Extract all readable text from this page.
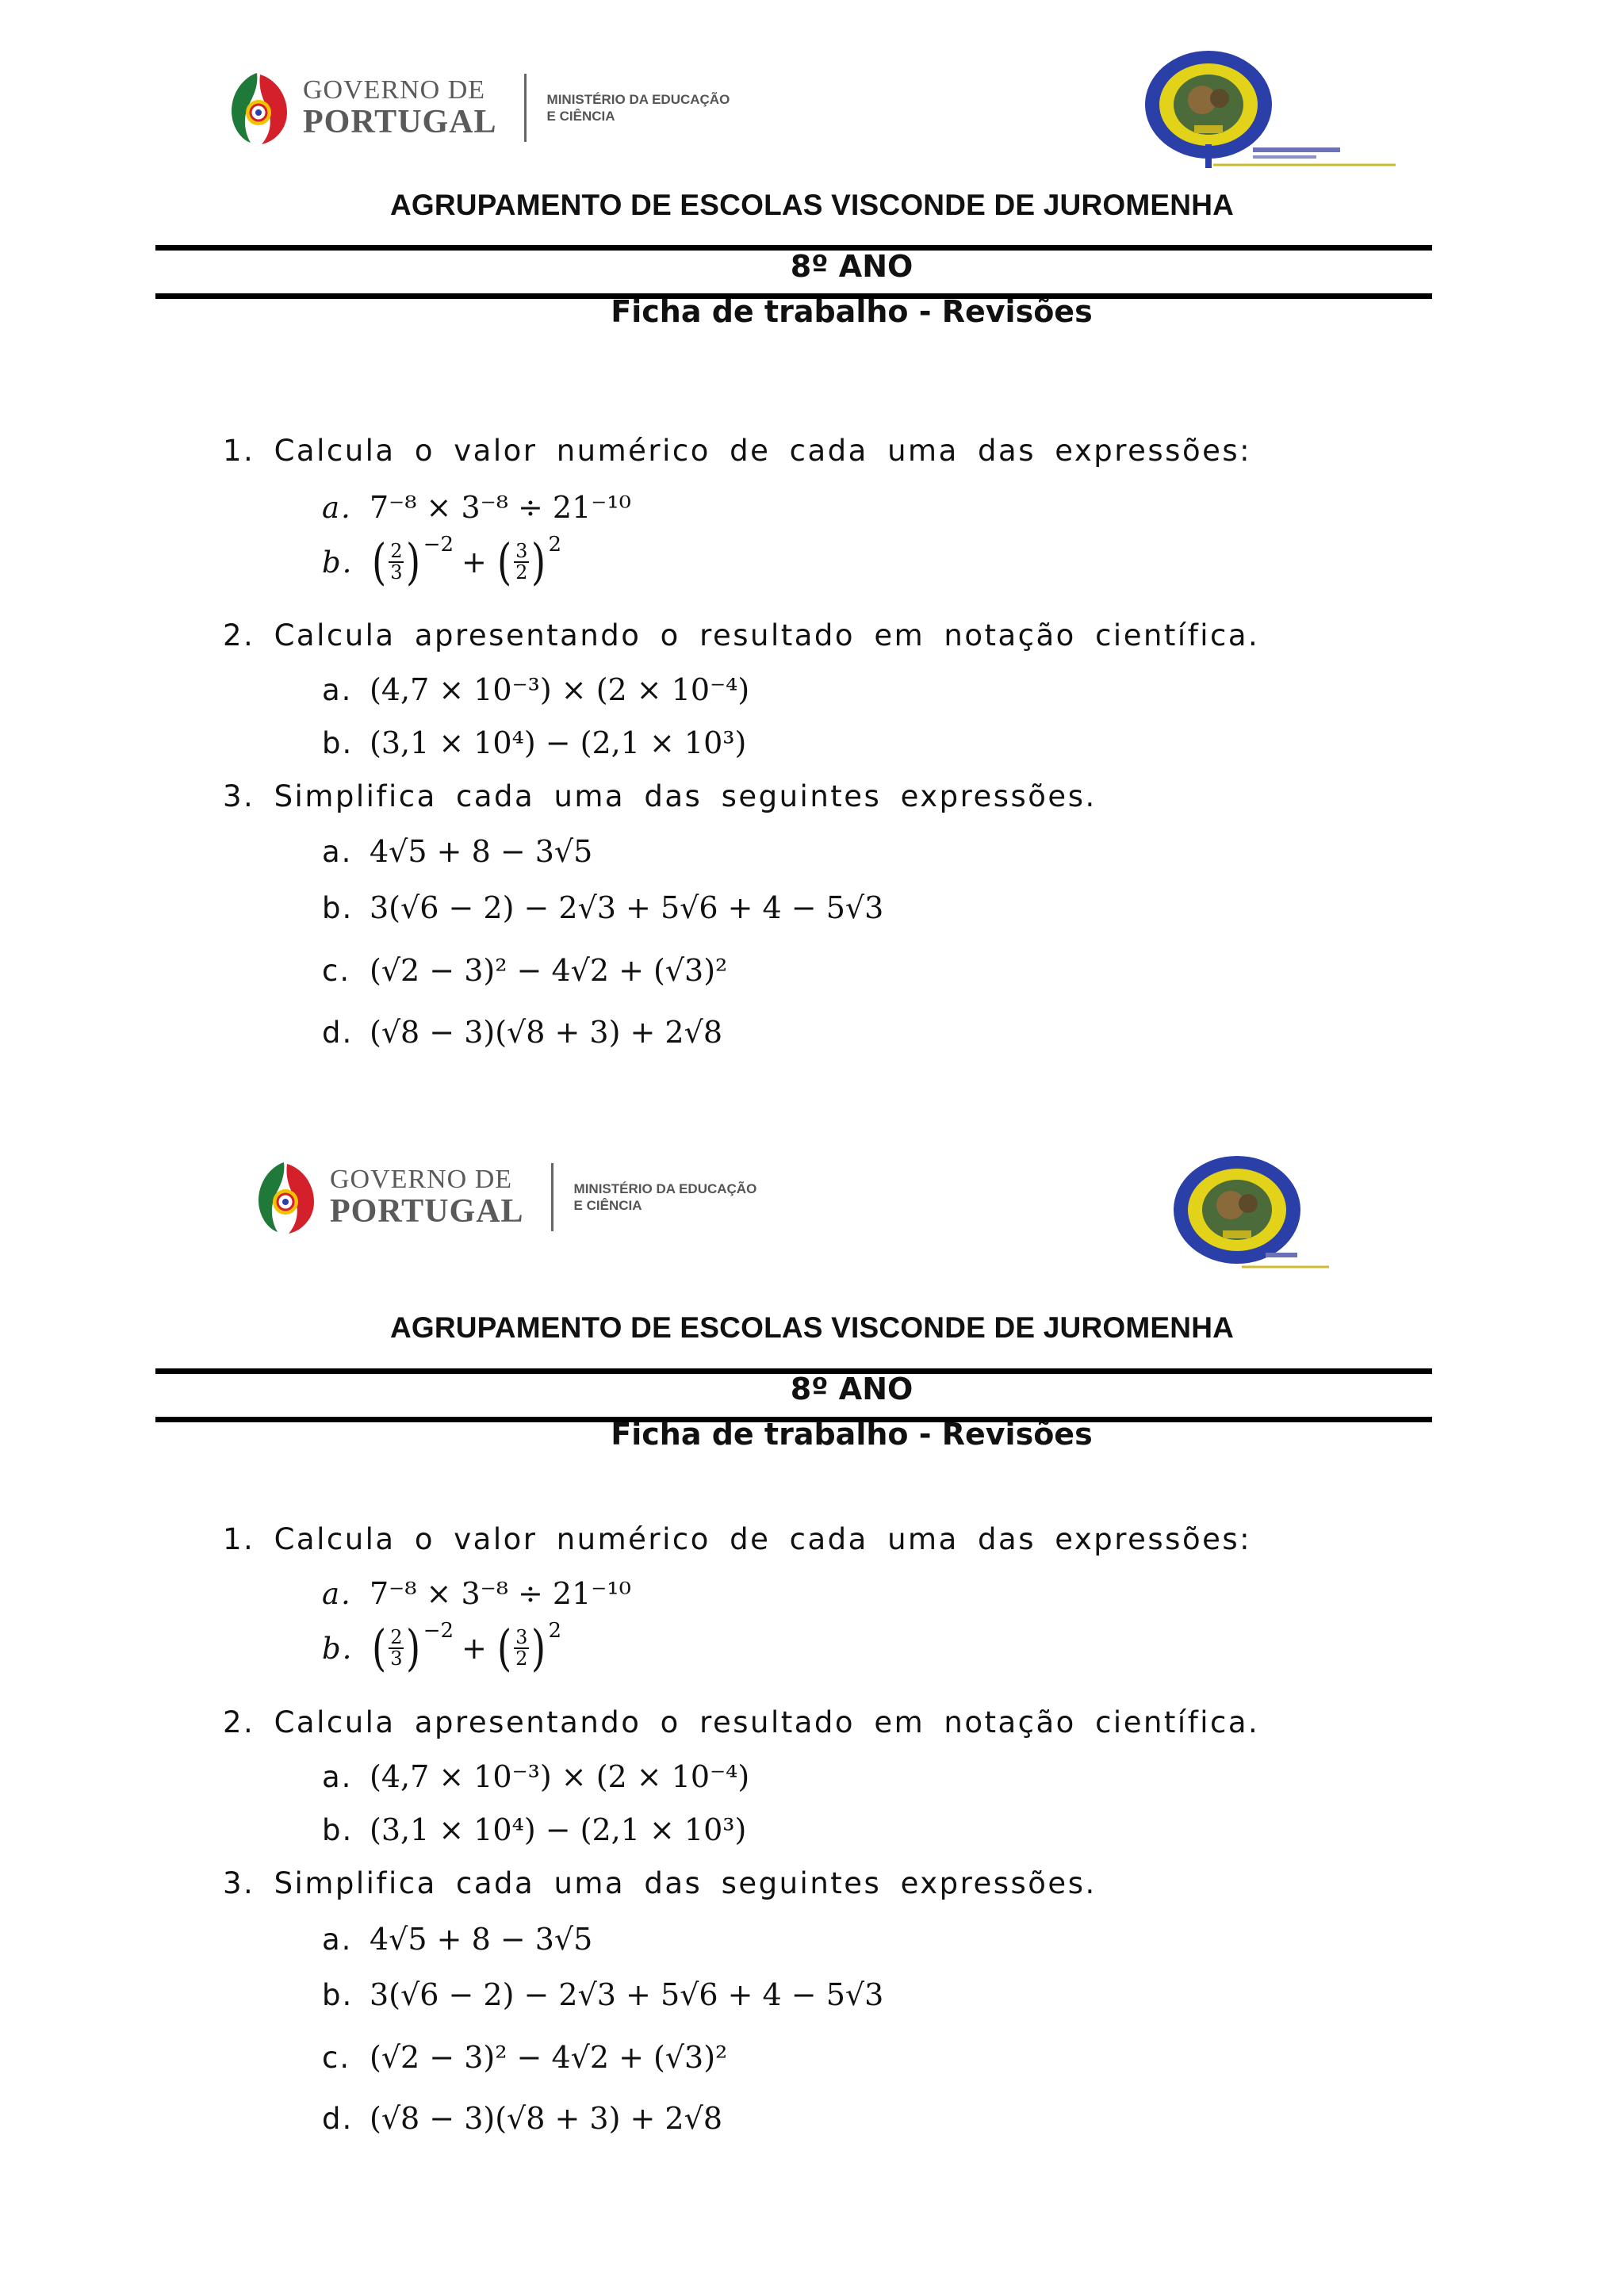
GOVERNO DE
PORTUGAL
MINISTÉRIO DA EDUCAÇÃO
E CIÊNCIA
AGRUPAMENTO DE ESCOLAS VISCONDE DE JUROMENHA
8º ANO
Ficha de trabalho - Revisões
1. Calcula o valor numérico de cada uma das expressões:
a. 7⁻⁸ × 3⁻⁸ ÷ 21⁻¹⁰
b. ( $\frac{2}{3}$ ) −2 + ( $\frac{3}{2}$ ) 2
2. Calcula apresentando o resultado em notação científica.
a. (4,7 × 10⁻³) × (2 × 10⁻⁴)
b. (3,1 × 10⁴) − (2,1 × 10³)
3. Simplifica cada uma das seguintes expressões.
a. 4√5 + 8 − 3√5
b. 3(√6 − 2) − 2√3 + 5√6 + 4 − 5√3
c. (√2 − 3)² − 4√2 + (√3)²
d. (√8 − 3)(√8 + 3) + 2√8
GOVERNO DE
PORTUGAL
MINISTÉRIO DA EDUCAÇÃO
E CIÊNCIA
AGRUPAMENTO DE ESCOLAS VISCONDE DE JUROMENHA
8º ANO
Ficha de trabalho - Revisões
1. Calcula o valor numérico de cada uma das expressões:
a. 7⁻⁸ × 3⁻⁸ ÷ 21⁻¹⁰
b. ( $\frac{2}{3}$ ) −2 + ( $\frac{3}{2}$ ) 2
2. Calcula apresentando o resultado em notação científica.
a. (4,7 × 10⁻³) × (2 × 10⁻⁴)
b. (3,1 × 10⁴) − (2,1 × 10³)
3. Simplifica cada uma das seguintes expressões.
a. 4√5 + 8 − 3√5
b. 3(√6 − 2) − 2√3 + 5√6 + 4 − 5√3
c. (√2 − 3)² − 4√2 + (√3)²
d. (√8 − 3)(√8 + 3) + 2√8
